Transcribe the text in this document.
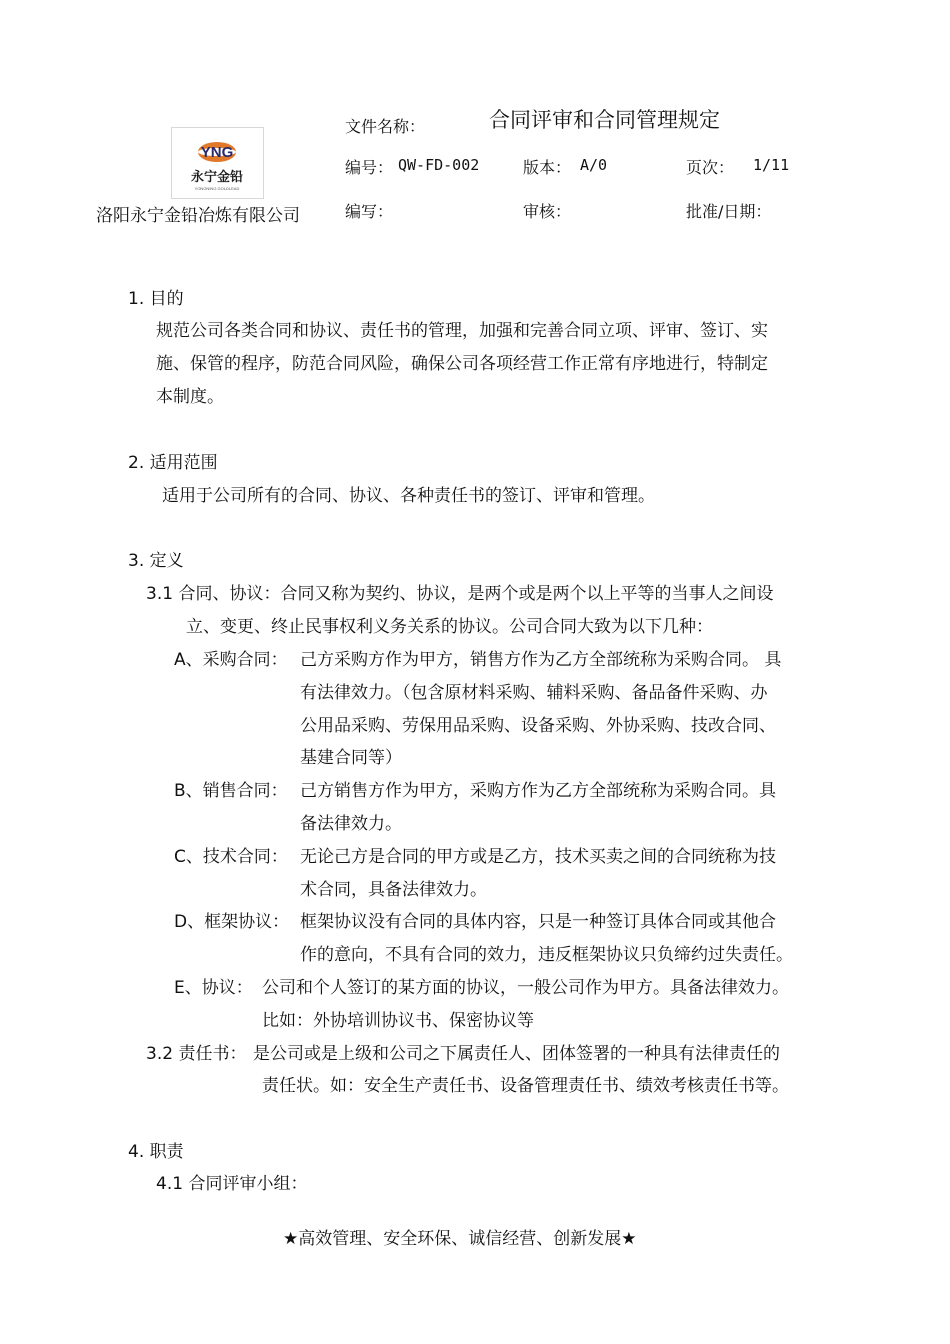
YNG
永宁金铅
YONGNING GOLDLEAD
洛阳永宁金铅冶炼有限公司
文件名称：	合同评审和合同管理规定
编号： QW-FD-002	版本： A/0	页次： 1/11
编写：	审核：	批准/日期：
1. 目的
规范公司各类合同和协议、责任书的管理，加强和完善合同立项、评审、签订、实
施、保管的程序，防范合同风险，确保公司各项经营工作正常有序地进行，特制定
本制度。
2. 适用范围
适用于公司所有的合同、协议、各种责任书的签订、评审和管理。
3. 定义
3.1 合同、协议：合同又称为契约、协议，是两个或是两个以上平等的当事人之间设
立、变更、终止民事权利义务关系的协议。公司合同大致为以下几种：
A、采购合同： 己方采购方作为甲方，销售方作为乙方全部统称为采购合同。 具
有法律效力。（包含原材料采购、辅料采购、备品备件采购、办
公用品采购、劳保用品采购、设备采购、外协采购、技改合同、
基建合同等）
B、销售合同： 己方销售方作为甲方，采购方作为乙方全部统称为采购合同。具
备法律效力。
C、技术合同： 无论己方是合同的甲方或是乙方，技术买卖之间的合同统称为技
术合同，具备法律效力。
D、框架协议： 框架协议没有合同的具体内容，只是一种签订具体合同或其他合
作的意向，不具有合同的效力，违反框架协议只负缔约过失责任。
E、协议： 公司和个人签订的某方面的协议，一般公司作为甲方。具备法律效力。
比如：外协培训协议书、保密协议等
3.2 责任书： 是公司或是上级和公司之下属责任人、团体签署的一种具有法律责任的
责任状。如：安全生产责任书、设备管理责任书、绩效考核责任书等。
4. 职责
4.1 合同评审小组：
★高效管理、安全环保、诚信经营、创新发展★
